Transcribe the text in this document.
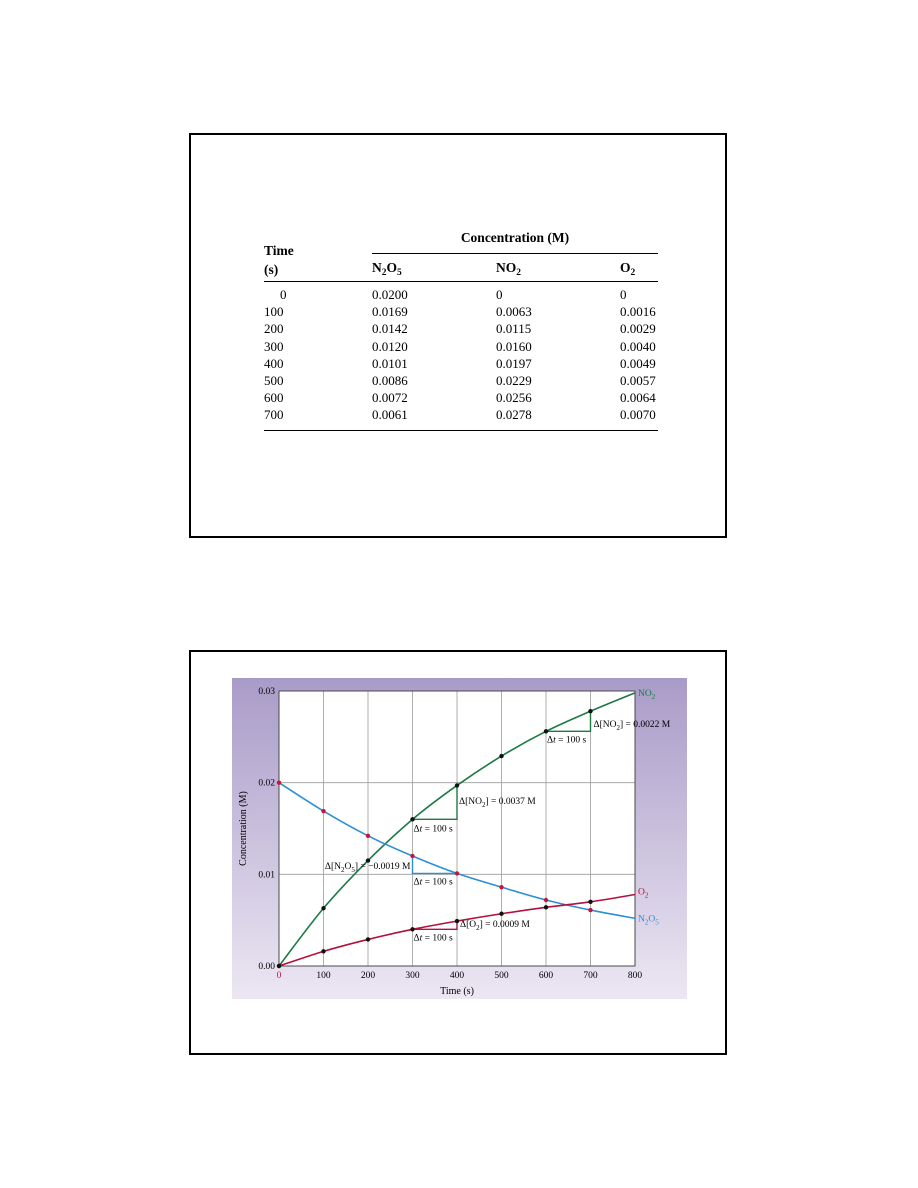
Time
(s)
Concentration (M)
$N_2O_5$	$NO_2$	$O_2$
0	0.0200	0	0
100	0.0169	0.0063	0.0016
200	0.0142	0.0115	0.0029
300	0.0120	0.0160	0.0040
400	0.0101	0.0197	0.0049
500	0.0086	0.0229	0.0057
600	0.0072	0.0256	0.0064
700	0.0061	0.0278	0.0070
0	100	200	300	400	500	600	700	800
0.00
0.01
0.02
0.03
Time (s)
Concentration (M)
NO2
O2
N2O5
Δ[NO2] = 0.0022 M
Δ[NO2] = 0.0037 M
Δ[N2O5] = −0.0019 M
Δ[O2] = 0.0009 M
Δt = 100 s
Δt = 100 s
Δt = 100 s
Δt = 100 s
